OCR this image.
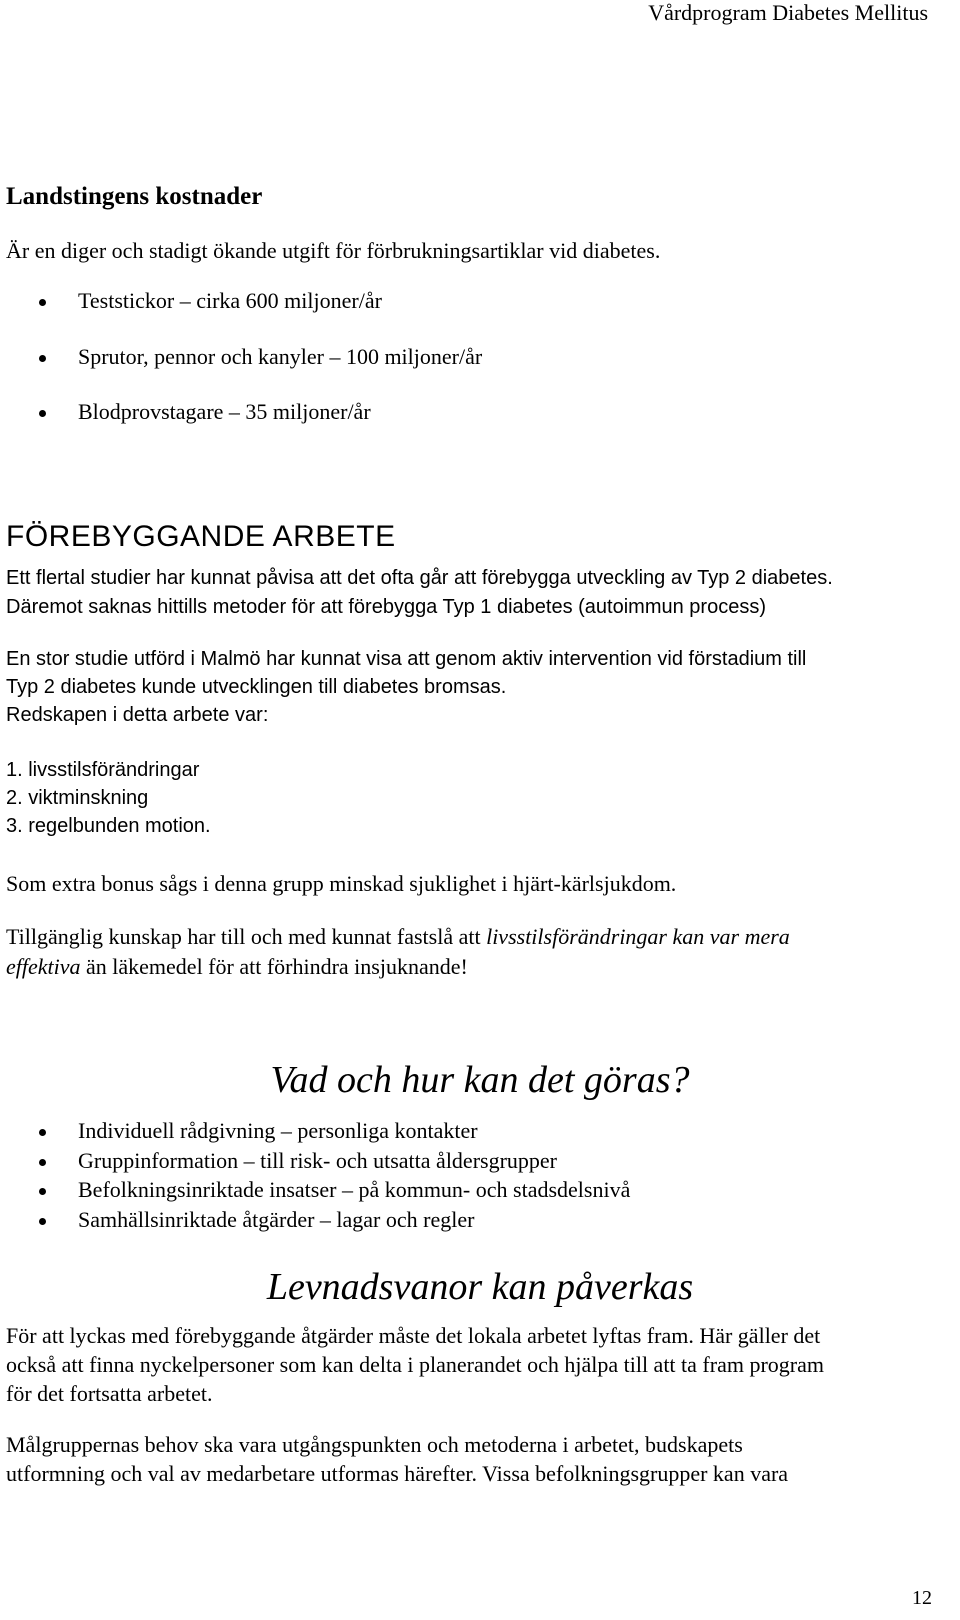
Vårdprogram Diabetes Mellitus
Landstingens kostnader
Är en diger och stadigt ökande utgift för förbrukningsartiklar vid diabetes.
Teststickor – cirka 600 miljoner/år
Sprutor, pennor och kanyler – 100 miljoner/år
Blodprovstagare – 35 miljoner/år
FÖREBYGGANDE ARBETE
Ett flertal studier har kunnat påvisa att det ofta går att förebygga utveckling av Typ 2 diabetes.
Däremot saknas hittills metoder för att förebygga Typ 1 diabetes (autoimmun process)
En stor studie utförd i Malmö har kunnat visa att genom aktiv intervention vid förstadium till
Typ 2 diabetes kunde utvecklingen till diabetes bromsas.
Redskapen i detta arbete var:
1. livsstilsförändringar
2. viktminskning
3. regelbunden motion.
Som extra bonus sågs i denna grupp minskad sjuklighet i hjärt-kärlsjukdom.
Tillgänglig kunskap har till och med kunnat fastslå att livsstilsförändringar kan var mera
effektiva än läkemedel för att förhindra insjuknande!
Vad och hur kan det göras?
Individuell rådgivning – personliga kontakter
Gruppinformation – till risk- och utsatta åldersgrupper
Befolkningsinriktade insatser – på kommun- och stadsdelsnivå
Samhällsinriktade åtgärder – lagar och regler
Levnadsvanor kan påverkas
För att lyckas med förebyggande åtgärder måste det lokala arbetet lyftas fram. Här gäller det
också att finna nyckelpersoner som kan delta i planerandet och hjälpa till att ta fram program
för det fortsatta arbetet.
Målgruppernas behov ska vara utgångspunkten och metoderna i arbetet, budskapets
utformning och val av medarbetare utformas härefter. Vissa befolkningsgrupper kan vara
12
